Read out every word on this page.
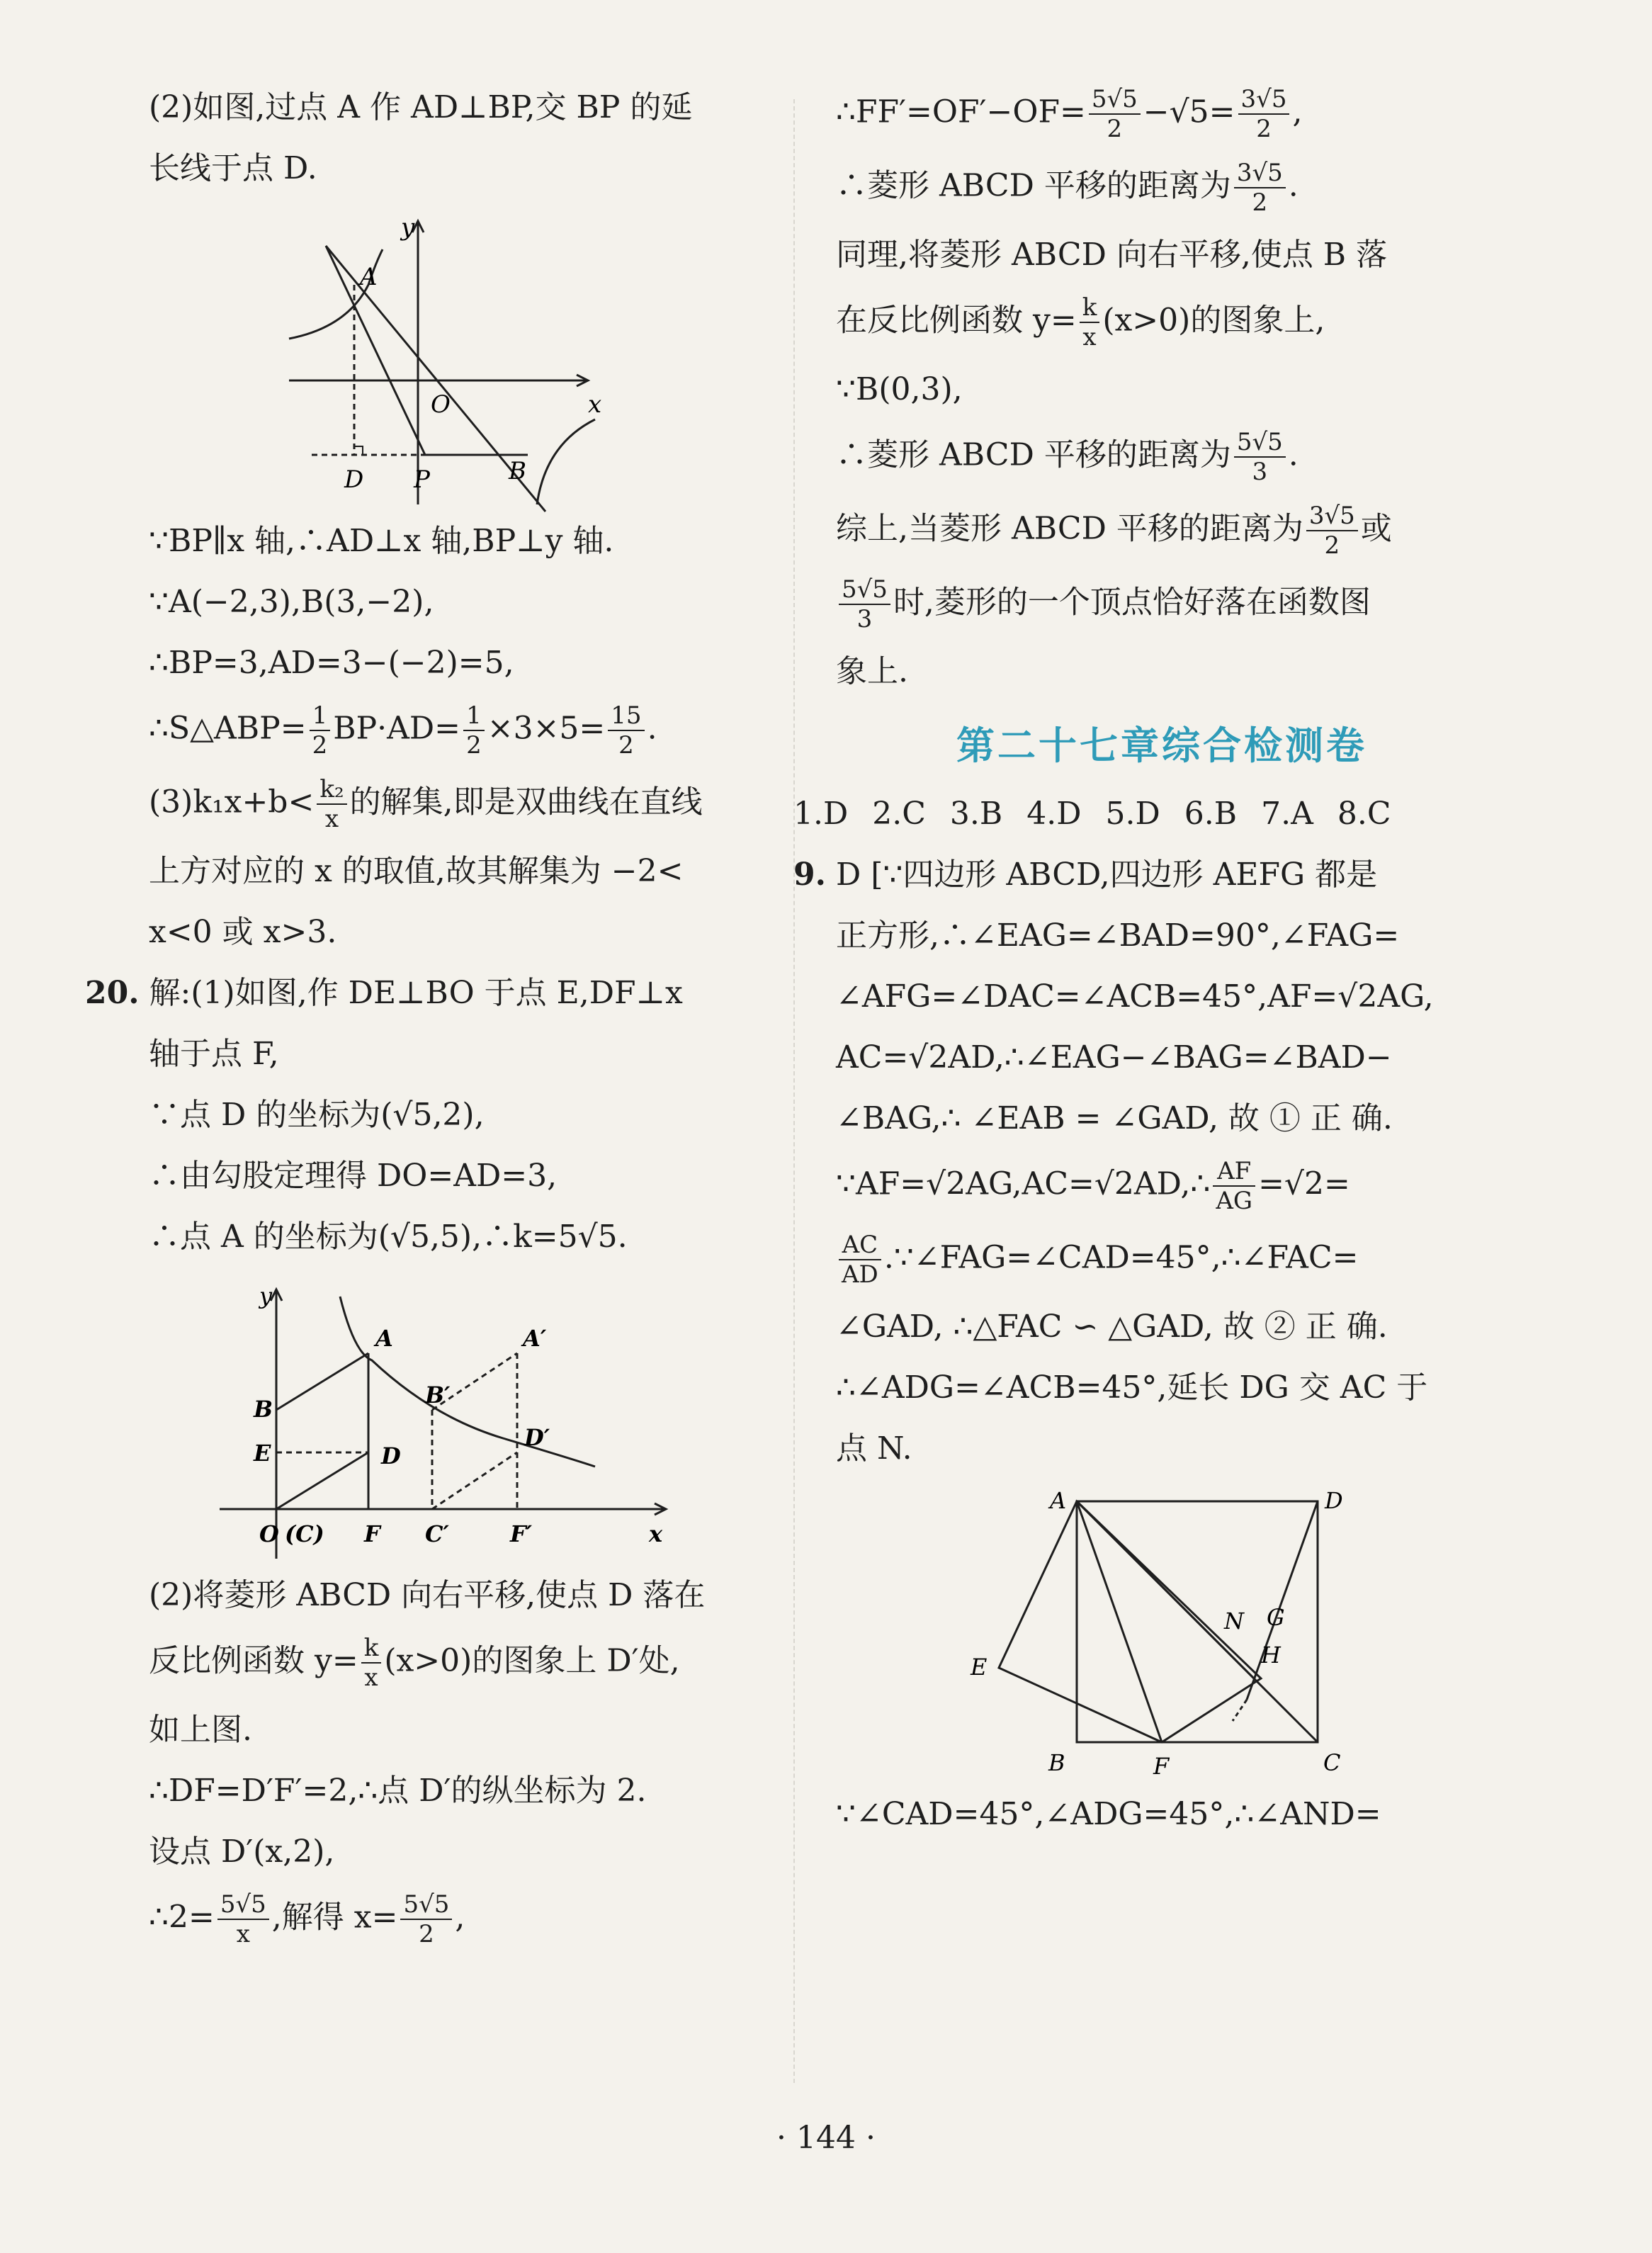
(2)如图,过点 A 作 AD⊥BP,交 BP 的延
长线于点 D.
y
A
O	x
D P	B
∵BP∥x 轴,∴AD⊥x 轴,BP⊥y 轴.
∵A(−2,3),B(3,−2),
∴BP=3,AD=3−(−2)=5,
∴S△ABP= $\frac{1}{2} BP\cdot AD= \frac{1}{2} \times 3\times 5= \frac{15}{2}$ .
$(3)k_1x+b< \frac{\text{k₂}}{x}$ 的解集,即是双曲线在直线
上方对应的 x 的取值,故其解集为 −2<
x<0 或 x>3.
20. 解:(1)如图,作 DE⊥BO 于点 E,DF⊥x
轴于点 F,
∵点 D 的坐标为(√5,2),
∴由勾股定理得 DO=AD=3,
∴点 A 的坐标为(√5,5),∴k=5√5.
y
A	A′
B
B′
E	D
D′
O (C) F C′	F′	x
(2)将菱形 ABCD 向右平移,使点 D 落在
反比例函数 $y= \frac{k}{x} (x>0)$的图象上 D′处,
如上图.
∴DF=D′F′=2,∴点 D′的纵坐标为 2.
设点 D′(x,2),
∴2= $\frac{5√5}{x}$ ,解得 $x= \frac{5√5}{2}$ ,
∴FF′=OF′−OF= $\frac{5√5}{2} -√5= \frac{3√5}{2}$ ,
∴菱形 ABCD 平移的距离为 $\frac{3√5}{2}$ .
同理,将菱形 ABCD 向右平移,使点 B 落
在反比例函数 $y= \frac{k}{x} (x>0)$的图象上,
∵B(0,3),
∴菱形 ABCD 平移的距离为 $\frac{5√5}{3}$ .
综上,当菱形 ABCD 平移的距离为 $\frac{3√5}{2}$ 或
$\frac{5√5}{3}$ 时,菱形的一个顶点恰好落在函数图
象上.
第二十七章综合检测卷
1.D 2.C 3.B 4.D 5.D 6.B 7.A 8.C
9. D [∵四边形 ABCD,四边形 AEFG 都是
正方形,∴∠EAG=∠BAD=90°,∠FAG=
∠AFG=∠DAC=∠ACB=45°,AF=√2AG,
AC=√2AD,∴∠EAG−∠BAG=∠BAD−
∠BAG,∴ ∠EAB = ∠GAD, 故 ① 正 确.
∵AF=√2AG,AC=√2AD,∴ $\frac{AF}{AG} =√2=$
$\frac{AC}{AD}$ .∵∠FAG=∠CAD=45°,∴∠FAC=
∠GAD, ∴△FAC ∽ △GAD, 故 ② 正 确.
∴∠ADG=∠ACB=45°,延长 DG 交 AC 于
点 N.
A	D
N G
H
E
B	F	C
∵∠CAD=45°,∠ADG=45°,∴∠AND=
· 144 ·
